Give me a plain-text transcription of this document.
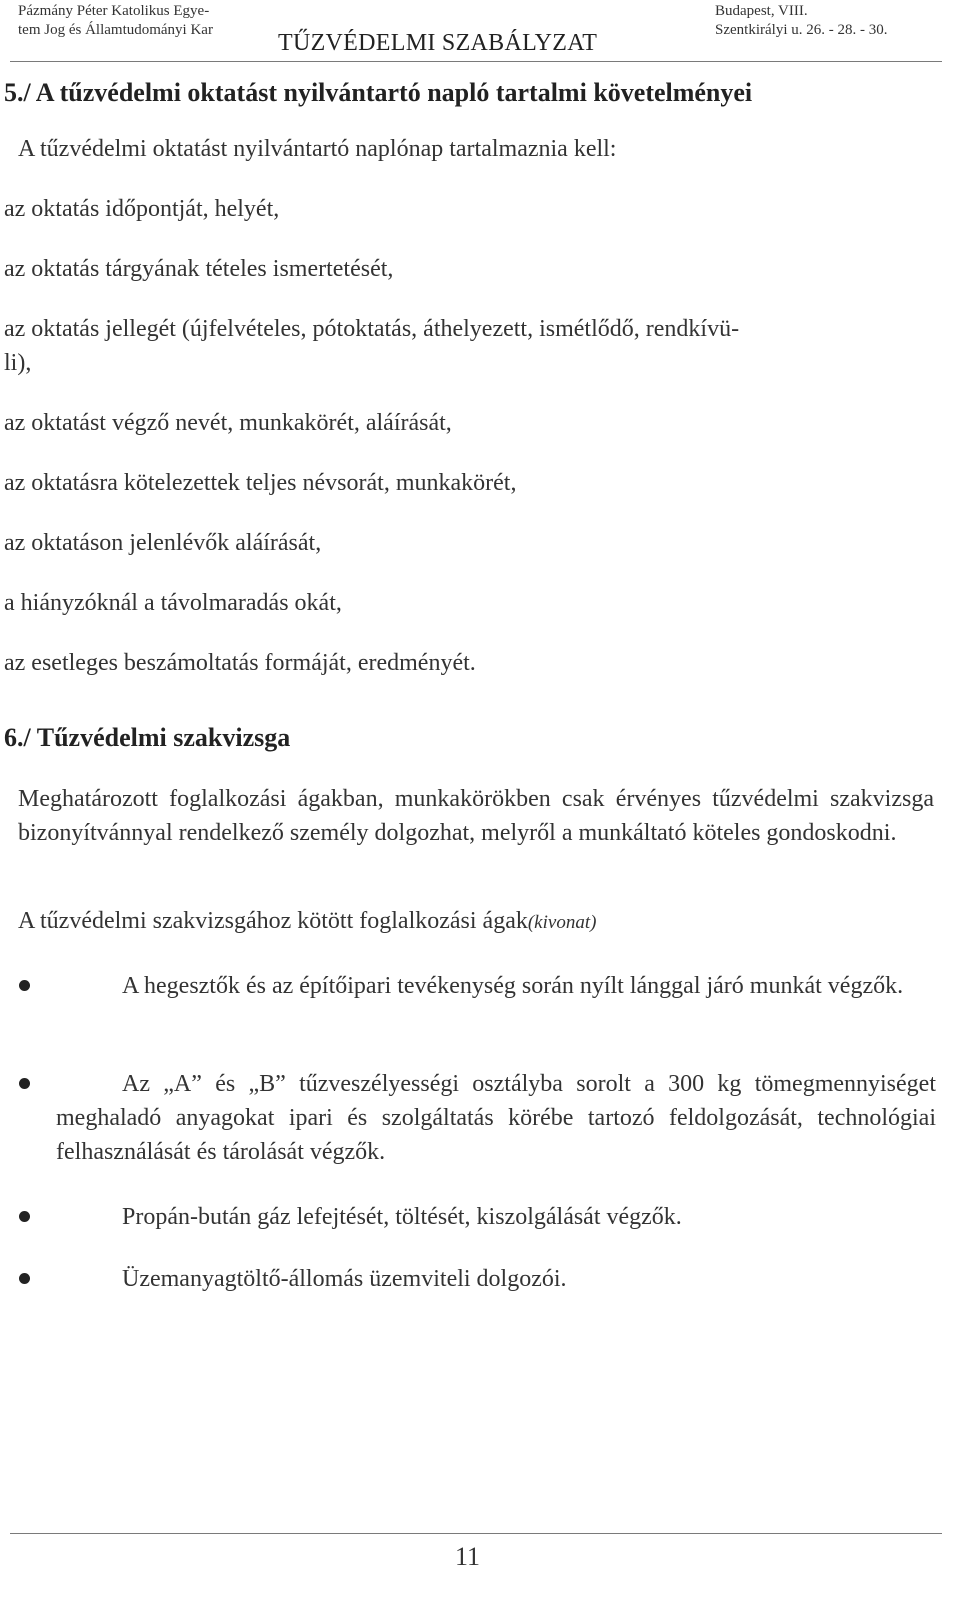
Pázmány Péter Katolikus Egye-
tem Jog és Államtudományi Kar	TŰZVÉDELMI SZABÁLYZAT
Budapest, VIII.
Szentkirályi u. 26. - 28. - 30.
5./ A tűzvédelmi oktatást nyilvántartó napló tartalmi követelményei
A tűzvédelmi oktatást nyilvántartó naplónap tartalmaznia kell:
az oktatás időpontját, helyét,
az oktatás tárgyának tételes ismertetését,
az oktatás jellegét (újfelvételes, pótoktatás, áthelyezett, ismétlődő, rendkívü-
li),
az oktatást végző nevét, munkakörét, aláírását,
az oktatásra kötelezettek teljes névsorát, munkakörét,
az oktatáson jelenlévők aláírását,
a hiányzóknál a távolmaradás okát,
az esetleges beszámoltatás formáját, eredményét.
6./ Tűzvédelmi szakvizsga
Meghatározott foglalkozási ágakban, munkakörökben csak érvényes tűzvédelmi szakvizsga bizonyítvánnyal rendelkező személy dolgozhat, melyről a munkáltató köteles gondoskodni.
A tűzvédelmi szakvizsgához kötött foglalkozási ágak(kivonat)
A hegesztők és az építőipari tevékenység során nyílt lánggal járó munkát végzők.
Az „A” és „B” tűzveszélyességi osztályba sorolt a 300 kg tömegmennyiséget meghaladó anyagokat ipari és szolgáltatás körébe tartozó feldolgozását, technológiai felhasználását és tárolását végzők.
Propán-bután gáz lefejtését, töltését, kiszolgálását végzők.
Üzemanyagtöltő-állomás üzemviteli dolgozói.
11
